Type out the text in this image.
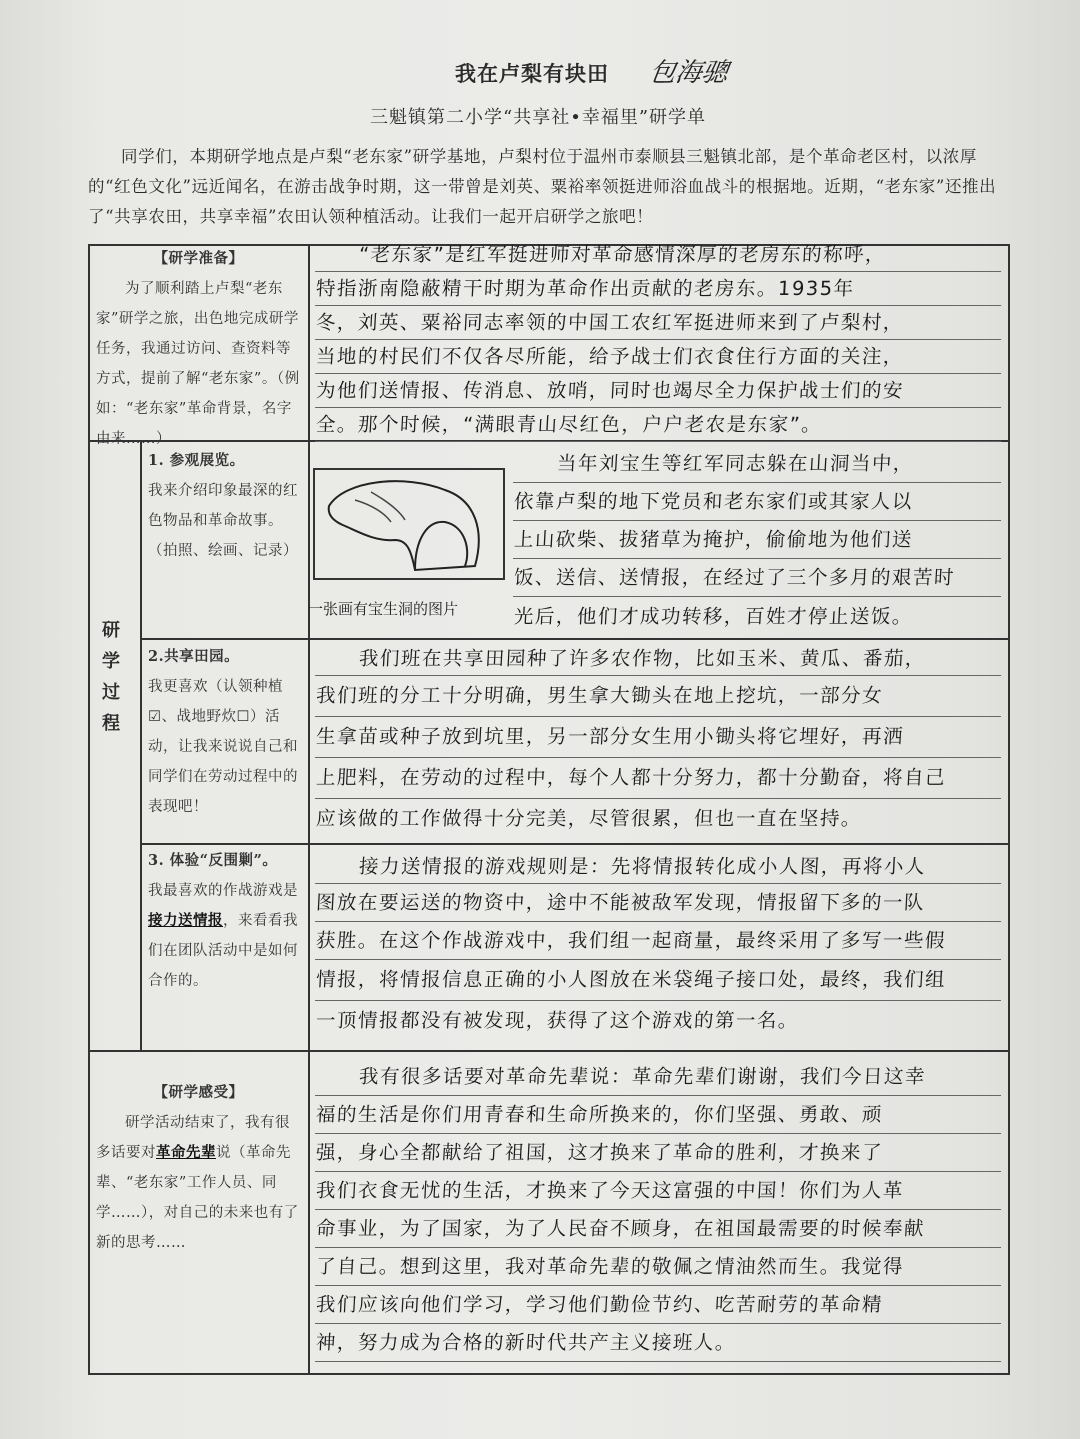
我在卢梨有块田 包海骢
三魁镇第二小学“共享社•幸福里”研学单
同学们，本期研学地点是卢梨“老东家”研学基地，卢梨村位于温州市泰顺县三魁镇北部，是个革命老区村，以浓厚的“红色文化”远近闻名，在游击战争时期，这一带曾是刘英、粟裕率领挺进师浴血战斗的根据地。近期，“老东家”还推出了“共享农田，共享幸福”农田认领种植活动。让我们一起开启研学之旅吧！
【研学准备】
为了顺利踏上卢梨“老东家”研学之旅，出色地完成研学任务，我通过访问、查资料等方式，提前了解“老东家”。（例如：“老东家”革命背景，名字由来……）
“老东家”是红军挺进师对革命感情深厚的老房东的称呼，
特指浙南隐蔽精干时期为革命作出贡献的老房东。1935年
冬，刘英、粟裕同志率领的中国工农红军挺进师来到了卢梨村，
当地的村民们不仅各尽所能，给予战士们衣食住行方面的关注，
为他们送情报、传消息、放哨，同时也竭尽全力保护战士们的安
全。那个时候，“满眼青山尽红色，户户老农是东家”。
研学过程
1. 参观展览。
我来介绍印象最深的红色物品和革命故事。（拍照、绘画、记录）
一张画有宝生洞的图片
当年刘宝生等红军同志躲在山洞当中，
依靠卢梨的地下党员和老东家们或其家人以
上山砍柴、拔猪草为掩护，偷偷地为他们送
饭、送信、送情报，在经过了三个多月的艰苦时
光后，他们才成功转移，百姓才停止送饭。
2.共享田园。
我更喜欢（认领种植☑、战地野炊☐）活动，让我来说说自己和同学们在劳动过程中的表现吧！
我们班在共享田园种了许多农作物，比如玉米、黄瓜、番茄，
我们班的分工十分明确，男生拿大锄头在地上挖坑，一部分女
生拿苗或种子放到坑里，另一部分女生用小锄头将它埋好，再洒
上肥料，在劳动的过程中，每个人都十分努力，都十分勤奋，将自己
应该做的工作做得十分完美，尽管很累，但也一直在坚持。
3. 体验“反围剿”。
我最喜欢的作战游戏是接力送情报，来看看我们在团队活动中是如何合作的。
接力送情报的游戏规则是：先将情报转化成小人图，再将小人
图放在要运送的物资中，途中不能被敌军发现，情报留下多的一队
获胜。在这个作战游戏中，我们组一起商量，最终采用了多写一些假
情报，将情报信息正确的小人图放在米袋绳子接口处，最终，我们组
一顶情报都没有被发现，获得了这个游戏的第一名。
【研学感受】
研学活动结束了，我有很多话要对革命先辈说（革命先辈、“老东家”工作人员、同学……），对自己的未来也有了新的思考……
我有很多话要对革命先辈说：革命先辈们谢谢，我们今日这幸
福的生活是你们用青春和生命所换来的，你们坚强、勇敢、顽
强，身心全都献给了祖国，这才换来了革命的胜利，才换来了
我们衣食无忧的生活，才换来了今天这富强的中国！你们为人革
命事业，为了国家，为了人民奋不顾身，在祖国最需要的时候奉献
了自己。想到这里，我对革命先辈的敬佩之情油然而生。我觉得
我们应该向他们学习，学习他们勤俭节约、吃苦耐劳的革命精
神，努力成为合格的新时代共产主义接班人。
